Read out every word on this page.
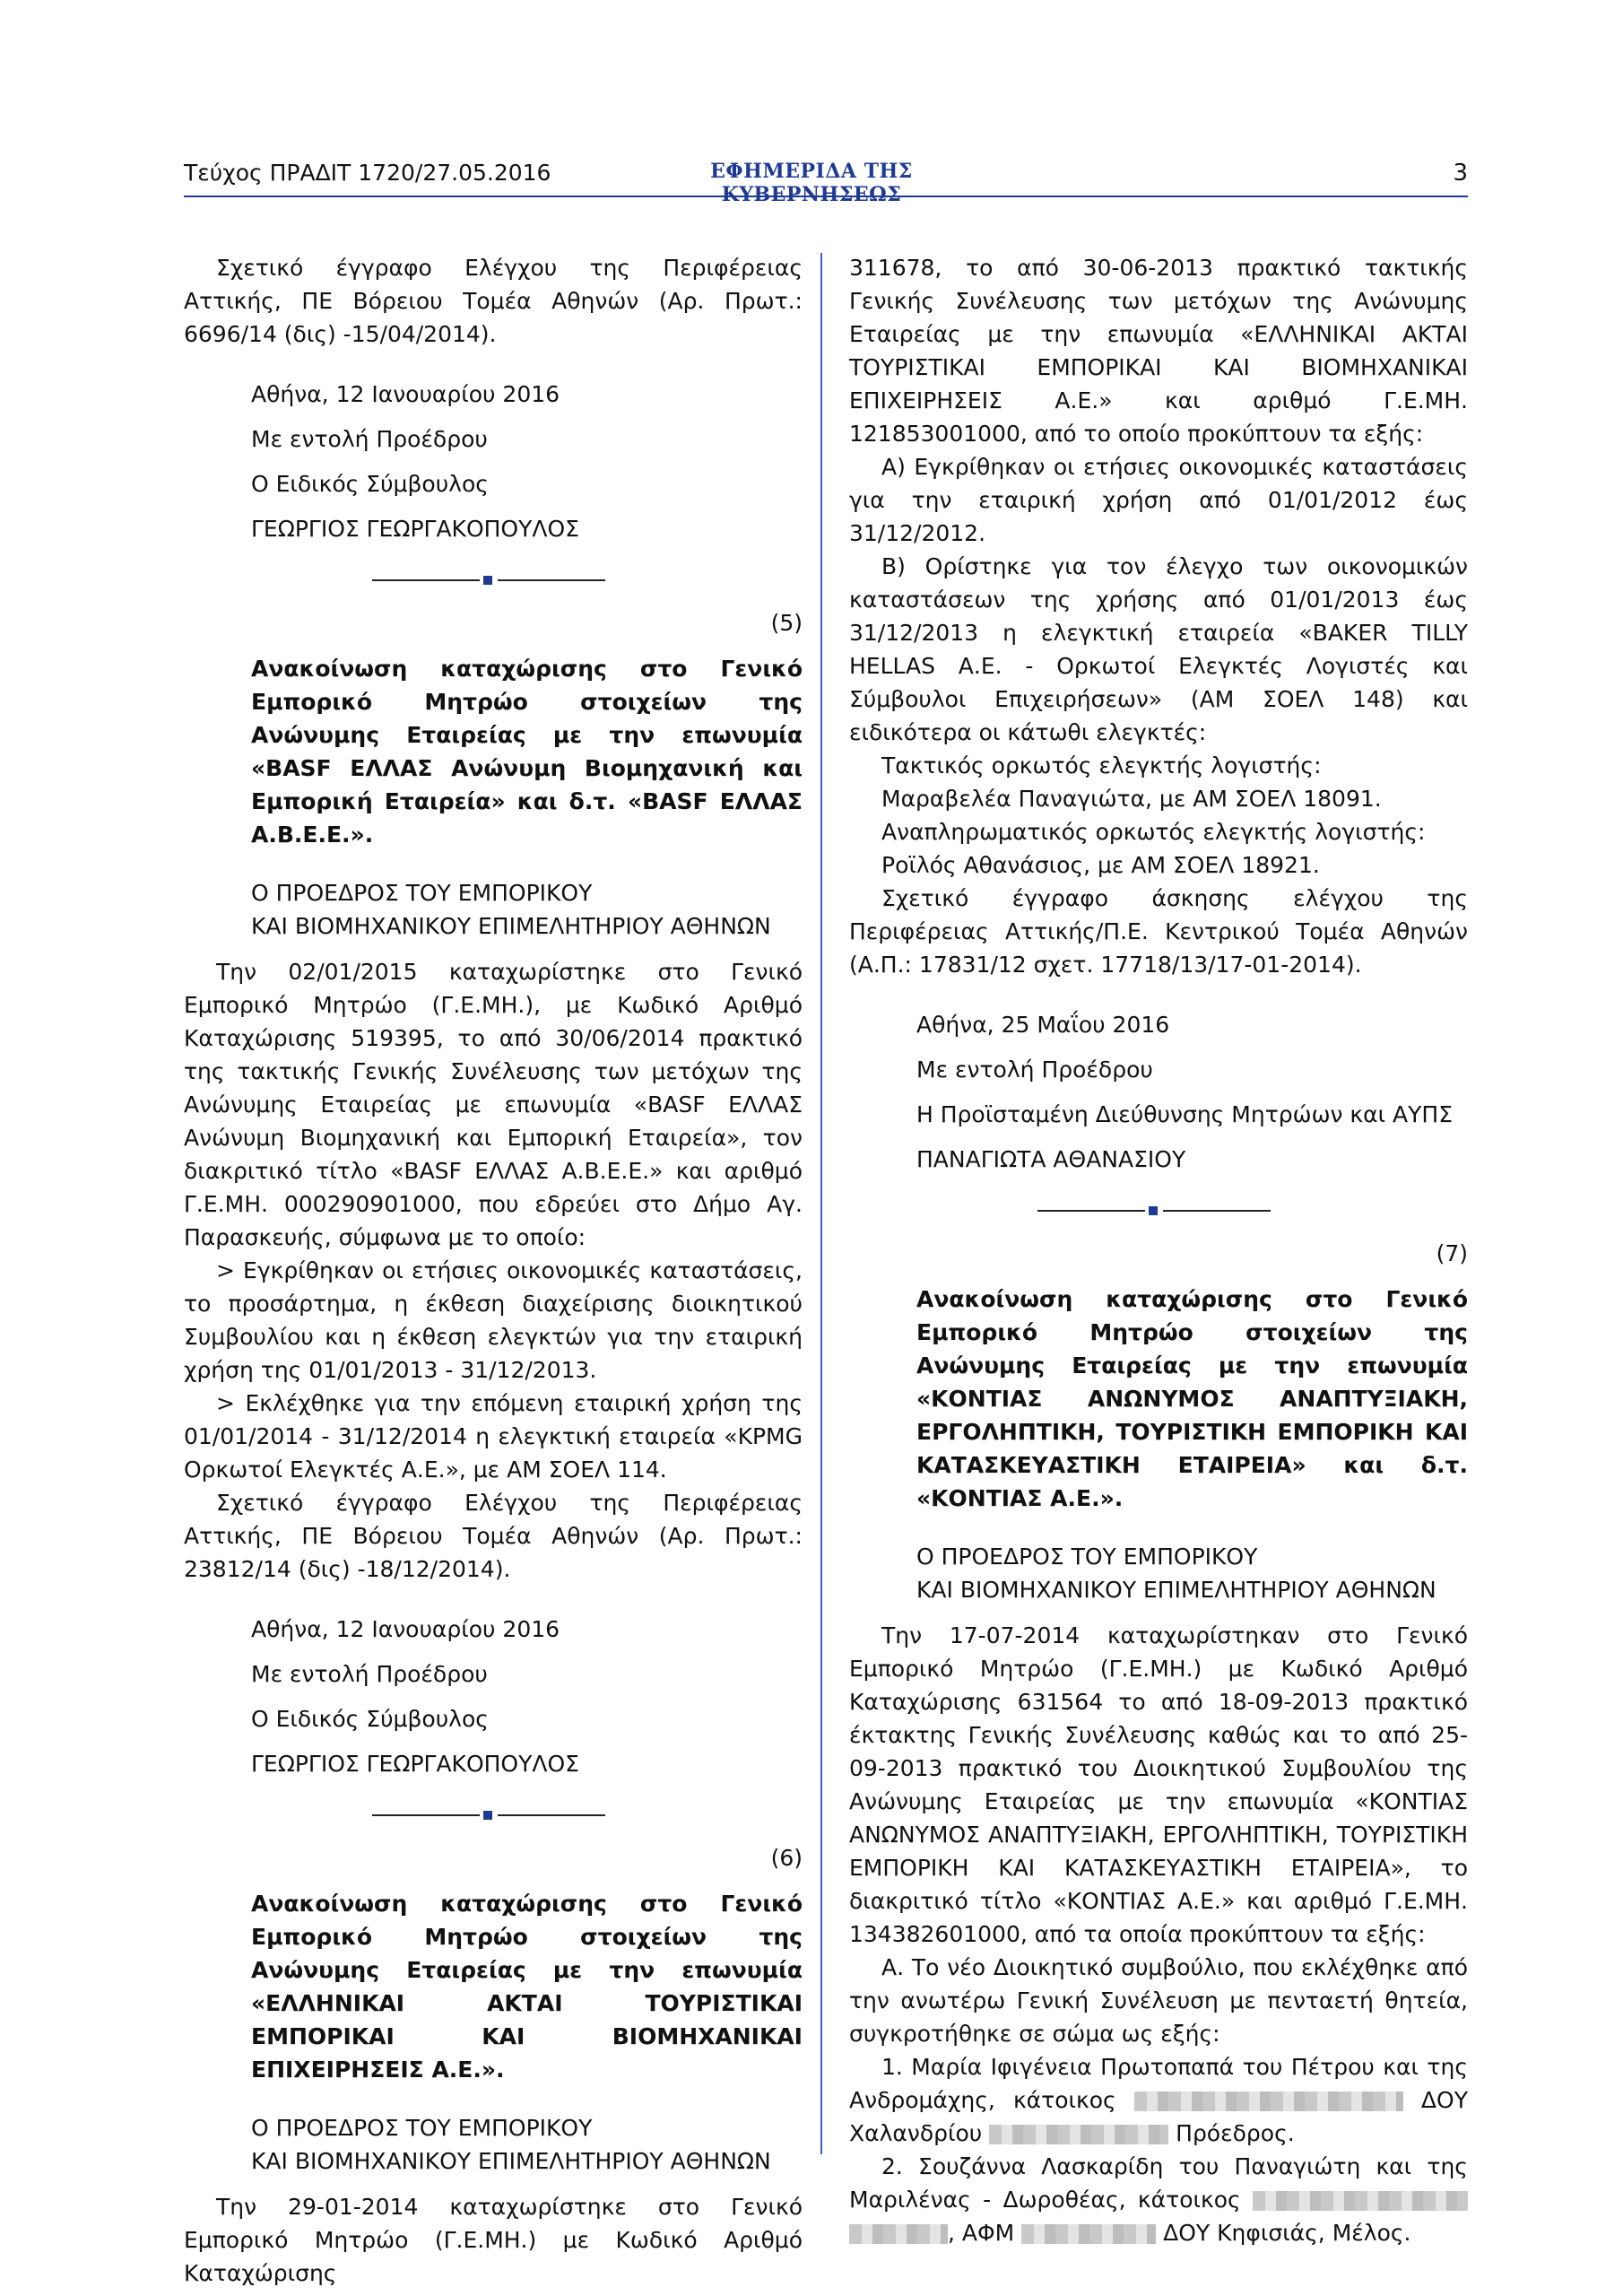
Τεύχος ΠΡΑΔΙΤ 1720/27.05.2016	ΕΦΗΜΕΡΙΔΑ ΤΗΣ ΚΥΒΕΡΝΗΣΕΩΣ
3

Σχετικό έγγραφο Ελέγχου της Περιφέρειας Αττικής, ΠΕ Βόρειου Τομέα Αθηνών (Αρ. Πρωτ.: 6696/14 (δις) -15/04/2014).

Αθήνα, 12 Ιανουαρίου 2016

Με εντολή Προέδρου

Ο Ειδικός Σύμβουλος

ΓΕΩΡΓΙΟΣ ΓΕΩΡΓΑΚΟΠΟΥΛΟΣ

(5)

Ανακοίνωση καταχώρισης στο Γενικό Εμπορικό Μητρώο στοιχείων της Ανώνυμης Εταιρείας με την επωνυμία «BASF ΕΛΛΑΣ Ανώνυμη Βιομηχανική και Εμπορική Εταιρεία» και δ.τ. «BASF ΕΛΛΑΣ Α.Β.Ε.Ε.».

Ο ΠΡΟΕΔΡΟΣ ΤΟΥ ΕΜΠΟΡΙΚΟΥ

ΚΑΙ ΒΙΟΜΗΧΑΝΙΚΟΥ ΕΠΙΜΕΛΗΤΗΡΙΟΥ ΑΘΗΝΩΝ

Την 02/01/2015 καταχωρίστηκε στο Γενικό Εμπορικό Μητρώο (Γ.Ε.ΜΗ.), με Κωδικό Αριθμό Καταχώρισης 519395, το από 30/06/2014 πρακτικό της τακτικής Γενικής Συνέλευσης των μετόχων της Ανώνυμης Εταιρείας με επωνυμία «BASF ΕΛΛΑΣ Ανώνυμη Βιομηχανική και Εμπορική Εταιρεία», τον διακριτικό τίτλο «BASF ΕΛΛΑΣ Α.Β.Ε.Ε.» και αριθμό Γ.Ε.ΜΗ. 000290901000, που εδρεύει στο Δήμο Αγ. Παρασκευής, σύμφωνα με το οποίο:

> Εγκρίθηκαν οι ετήσιες οικονομικές καταστάσεις, το προσάρτημα, η έκθεση διαχείρισης διοικητικού Συμβουλίου και η έκθεση ελεγκτών για την εταιρική χρήση της 01/01/2013 - 31/12/2013.

> Εκλέχθηκε για την επόμενη εταιρική χρήση της 01/01/2014 - 31/12/2014 η ελεγκτική εταιρεία «KPMG Ορκωτοί Ελεγκτές Α.Ε.», με ΑΜ ΣΟΕΛ 114.

Σχετικό έγγραφο Ελέγχου της Περιφέρειας Αττικής, ΠΕ Βόρειου Τομέα Αθηνών (Αρ. Πρωτ.: 23812/14 (δις) -18/12/2014).

Αθήνα, 12 Ιανουαρίου 2016

Με εντολή Προέδρου

Ο Ειδικός Σύμβουλος

ΓΕΩΡΓΙΟΣ ΓΕΩΡΓΑΚΟΠΟΥΛΟΣ

(6)

Ανακοίνωση καταχώρισης στο Γενικό Εμπορικό Μητρώο στοιχείων της Ανώνυμης Εταιρείας με την επωνυμία «ΕΛΛΗΝΙΚΑΙ ΑΚΤΑΙ ΤΟΥΡΙΣΤΙΚΑΙ ΕΜΠΟΡΙΚΑΙ ΚΑΙ ΒΙΟΜΗΧΑΝΙΚΑΙ ΕΠΙΧΕΙΡΗΣΕΙΣ Α.Ε.».

Ο ΠΡΟΕΔΡΟΣ ΤΟΥ ΕΜΠΟΡΙΚΟΥ

ΚΑΙ ΒΙΟΜΗΧΑΝΙΚΟΥ ΕΠΙΜΕΛΗΤΗΡΙΟΥ ΑΘΗΝΩΝ

Την 29-01-2014 καταχωρίστηκε στο Γενικό Εμπορικό Μητρώο (Γ.Ε.ΜΗ.) με Κωδικό Αριθμό Καταχώρισης

311678, το από 30-06-2013 πρακτικό τακτικής Γενικής Συνέλευσης των μετόχων της Ανώνυμης Εταιρείας με την επωνυμία «ΕΛΛΗΝΙΚΑΙ ΑΚΤΑΙ ΤΟΥΡΙΣΤΙΚΑΙ ΕΜΠΟΡΙΚΑΙ ΚΑΙ ΒΙΟΜΗΧΑΝΙΚΑΙ ΕΠΙΧΕΙΡΗΣΕΙΣ Α.Ε.» και αριθμό Γ.Ε.ΜΗ. 121853001000, από το οποίο προκύπτουν τα εξής:

Α) Εγκρίθηκαν οι ετήσιες οικονομικές καταστάσεις για την εταιρική χρήση από 01/01/2012 έως 31/12/2012.

Β) Ορίστηκε για τον έλεγχο των οικονομικών καταστάσεων της χρήσης από 01/01/2013 έως 31/12/2013 η ελεγκτική εταιρεία «BAKER TILLY HELLAS Α.Ε. - Ορκωτοί Ελεγκτές Λογιστές και Σύμβουλοι Επιχειρήσεων» (ΑΜ ΣΟΕΛ 148) και ειδικότερα οι κάτωθι ελεγκτές:

Τακτικός ορκωτός ελεγκτής λογιστής:

Μαραβελέα Παναγιώτα, με ΑΜ ΣΟΕΛ 18091.

Αναπληρωματικός ορκωτός ελεγκτής λογιστής:

Ροϊλός Αθανάσιος, με ΑΜ ΣΟΕΛ 18921.

Σχετικό έγγραφο άσκησης ελέγχου της Περιφέρειας Αττικής/Π.Ε. Κεντρικού Τομέα Αθηνών (Α.Π.: 17831/12 σχετ. 17718/13/17-01-2014).

Αθήνα, 25 Μαΐου 2016

Με εντολή Προέδρου

Η Προϊσταμένη Διεύθυνσης Μητρώων και ΑΥΠΣ

ΠΑΝΑΓΙΩΤΑ ΑΘΑΝΑΣΙΟΥ

(7)

Ανακοίνωση καταχώρισης στο Γενικό Εμπορικό Μητρώο στοιχείων της Ανώνυμης Εταιρείας με την επωνυμία «ΚΟΝΤΙΑΣ ΑΝΩΝΥΜΟΣ ΑΝΑΠΤΥΞΙΑΚΗ, ΕΡΓΟΛΗΠΤΙΚΗ, ΤΟΥΡΙΣΤΙΚΗ ΕΜΠΟΡΙΚΗ ΚΑΙ ΚΑΤΑΣΚΕΥΑΣΤΙΚΗ ΕΤΑΙΡΕΙΑ» και δ.τ. «ΚΟΝΤΙΑΣ Α.Ε.».

Ο ΠΡΟΕΔΡΟΣ ΤΟΥ ΕΜΠΟΡΙΚΟΥ

ΚΑΙ ΒΙΟΜΗΧΑΝΙΚΟΥ ΕΠΙΜΕΛΗΤΗΡΙΟΥ ΑΘΗΝΩΝ

Την 17-07-2014 καταχωρίστηκαν στο Γενικό Εμπορικό Μητρώο (Γ.Ε.ΜΗ.) με Κωδικό Αριθμό Καταχώρισης 631564 το από 18-09-2013 πρακτικό έκτακτης Γενικής Συνέλευσης καθώς και το από 25-09-2013 πρακτικό του Διοικητικού Συμβουλίου της Ανώνυμης Εταιρείας με την επωνυμία «ΚΟΝΤΙΑΣ ΑΝΩΝΥΜΟΣ ΑΝΑΠΤΥΞΙΑΚΗ, ΕΡΓΟΛΗΠΤΙΚΗ, ΤΟΥΡΙΣΤΙΚΗ ΕΜΠΟΡΙΚΗ ΚΑΙ ΚΑΤΑΣΚΕΥΑΣΤΙΚΗ ΕΤΑΙΡΕΙΑ», το διακριτικό τίτλο «ΚΟΝΤΙΑΣ Α.Ε.» και αριθμό Γ.Ε.ΜΗ. 134382601000, από τα οποία προκύπτουν τα εξής:

Α. Το νέο Διοικητικό συμβούλιο, που εκλέχθηκε από την ανωτέρω Γενική Συνέλευση με πενταετή θητεία, συγκροτήθηκε σε σώμα ως εξής:

1. Μαρία Ιφιγένεια Πρωτοπαπά του Πέτρου και της Ανδρομάχης, κάτοικος	ΔΟΥ Χαλανδρίου	Πρόεδρος.

2. Σουζάννα Λασκαρίδη του Παναγιώτη και της Μαριλένας - Δωροθέας, κάτοικος  , ΑΦΜ	ΔΟΥ Κηφισιάς, Μέλος.
